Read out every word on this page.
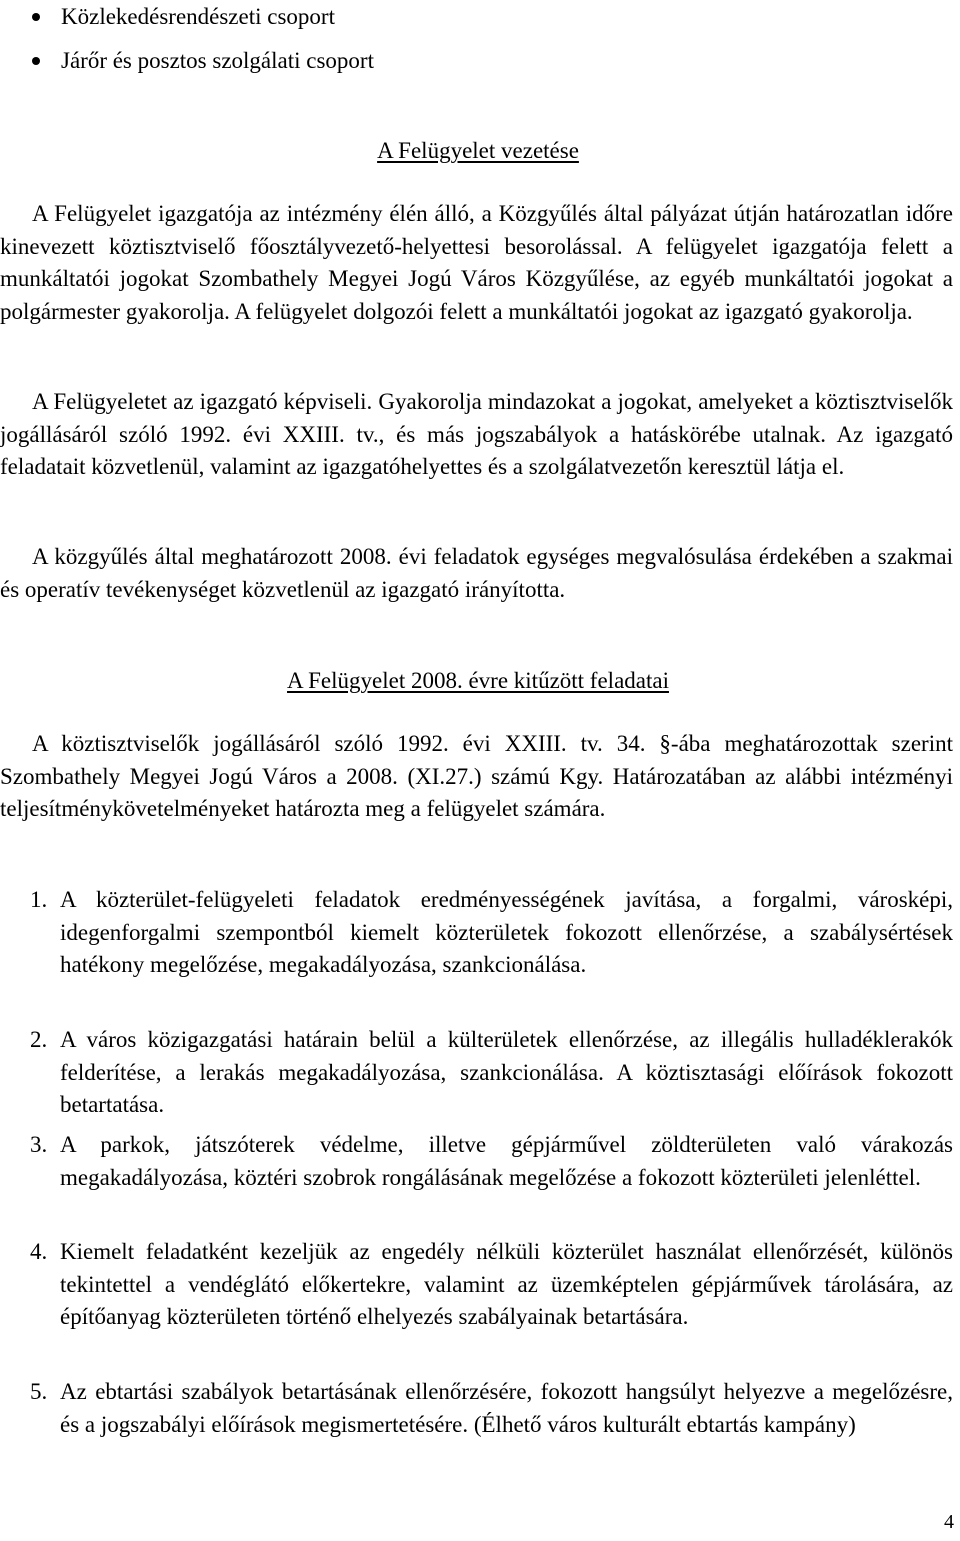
Közlekedésrendészeti csoport
Járőr és posztos szolgálati csoport
A Felügyelet vezetése

A Felügyelet igazgatója az intézmény élén álló, a Közgyűlés által pályázat útján határozatlan időre kinevezett köztisztviselő főosztályvezető-helyettesi besorolással. A felügyelet igazgatója felett a munkáltatói jogokat Szombathely Megyei Jogú Város Közgyűlése, az egyéb munkáltatói jogokat a polgármester gyakorolja. A felügyelet dolgozói felett a munkáltatói jogokat az igazgató gyakorolja.

A Felügyeletet az igazgató képviseli. Gyakorolja mindazokat a jogokat, amelyeket a köztisztviselők jogállásáról szóló 1992. évi XXIII. tv., és más jogszabályok a hatáskörébe utalnak. Az igazgató feladatait közvetlenül, valamint az igazgatóhelyettes és a szolgálatvezetőn keresztül látja el.

A közgyűlés által meghatározott 2008. évi feladatok egységes megvalósulása érdekében a szakmai és operatív tevékenységet közvetlenül az igazgató irányította.

A Felügyelet 2008. évre kitűzött feladatai

A köztisztviselők jogállásáról szóló 1992. évi XXIII. tv. 34. §-ába meghatározottak szerint Szombathely Megyei Jogú Város a 2008. (XI.27.) számú Kgy. Határozatában az alábbi intézményi teljesítménykövetelményeket határozta meg a felügyelet számára.

1. A közterület-felügyeleti feladatok eredményességének javítása, a forgalmi, városképi, idegenforgalmi szempontból kiemelt közterületek fokozott ellenőrzése, a szabálysértések hatékony megelőzése, megakadályozása, szankcionálása.
2. A város közigazgatási határain belül a külterületek ellenőrzése, az illegális hulladéklerakók felderítése, a lerakás megakadályozása, szankcionálása. A köztisztasági előírások fokozott betartatása.
3. A parkok, játszóterek védelme, illetve gépjárművel zöldterületen való várakozás megakadályozása, köztéri szobrok rongálásának megelőzése a fokozott közterületi jelenléttel.
4. Kiemelt feladatként kezeljük az engedély nélküli közterület használat ellenőrzését, különös tekintettel a vendéglátó előkertekre, valamint az üzemképtelen gépjárművek tárolására, az építőanyag közterületen történő elhelyezés szabályainak betartására.
5. Az ebtartási szabályok betartásának ellenőrzésére, fokozott hangsúlyt helyezve a megelőzésre, és a jogszabályi előírások megismertetésére. (Élhető város kulturált ebtartás kampány)
4
